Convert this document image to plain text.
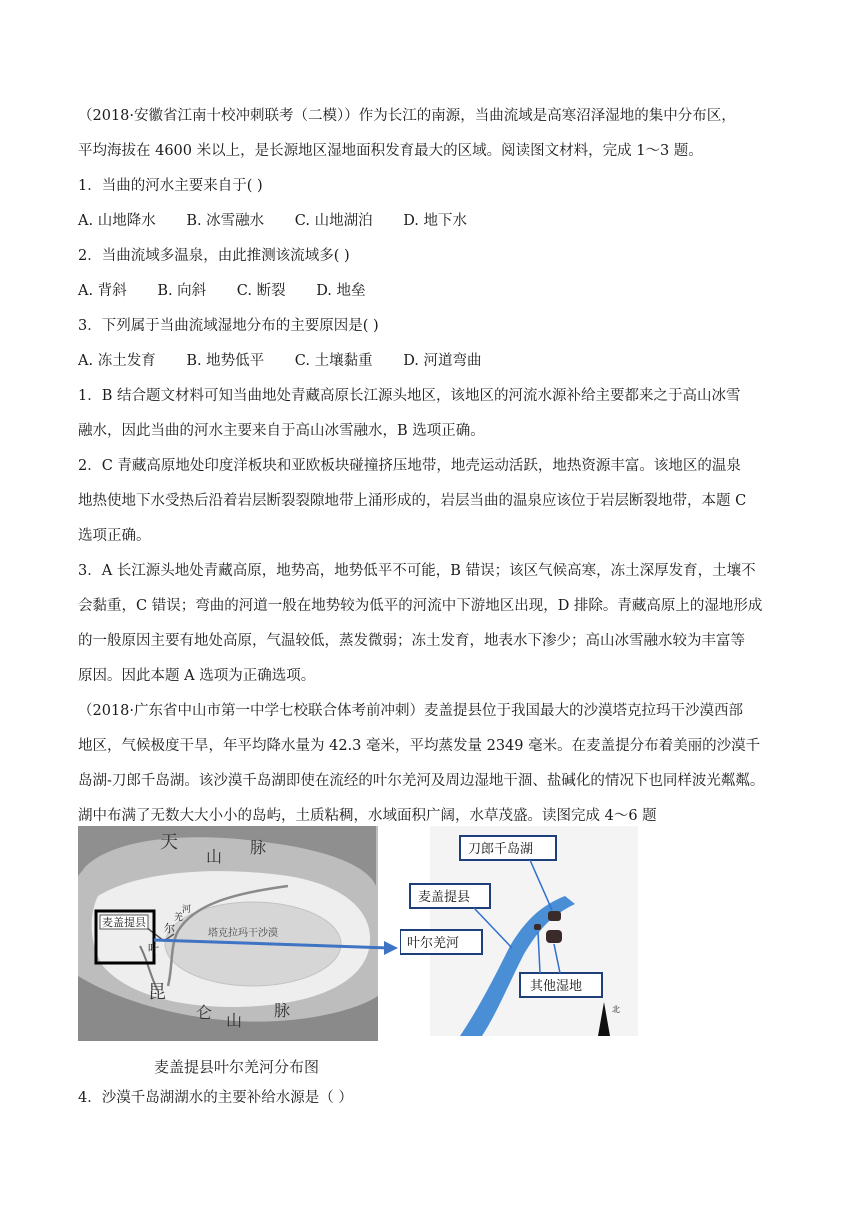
（2018·安徽省江南十校冲刺联考（二模））作为长江的南源，当曲流域是高寒沼泽湿地的集中分布区，
平均海拔在 4600 米以上，是长源地区湿地面积发育最大的区域。阅读图文材料，完成 1～3 题。
1．当曲的河水主要来自于( )
A. 山地降水 B. 冰雪融水 C. 山地湖泊 D. 地下水
2．当曲流域多温泉，由此推测该流域多( )
A. 背斜 B. 向斜 C. 断裂 D. 地垒
3．下列属于当曲流域湿地分布的主要原因是( )
A. 冻土发育 B. 地势低平 C. 土壤黏重 D. 河道弯曲
1．B 结合题文材料可知当曲地处青藏高原长江源头地区，该地区的河流水源补给主要都来之于高山冰雪
融水，因此当曲的河水主要来自于高山冰雪融水，B 选项正确。
2．C 青藏高原地处印度洋板块和亚欧板块碰撞挤压地带，地壳运动活跃，地热资源丰富。该地区的温泉
地热使地下水受热后沿着岩层断裂裂隙地带上涌形成的，岩层当曲的温泉应该位于岩层断裂地带，本题 C
选项正确。
3．A 长江源头地处青藏高原，地势高，地势低平不可能，B 错误；该区气候高寒，冻土深厚发育，土壤不
会黏重，C 错误；弯曲的河道一般在地势较为低平的河流中下游地区出现，D 排除。青藏高原上的湿地形成
的一般原因主要有地处高原，气温较低，蒸发微弱；冻土发育，地表水下渗少；高山冰雪融水较为丰富等
原因。因此本题 A 选项为正确选项。
（2018·广东省中山市第一中学七校联合体考前冲刺）麦盖提县位于我国最大的沙漠塔克拉玛干沙漠西部
地区，气候极度干旱，年平均降水量为 42.3 毫米，平均蒸发量 2349 毫米。在麦盖提分布着美丽的沙漠千
岛湖-刀郎千岛湖。该沙漠千岛湖即使在流经的叶尔羌河及周边湿地干涸、盐碱化的情况下也同样波光粼粼。
湖中布满了无数大大小小的岛屿，土质粘稠，水域面积广阔，水草茂盛。读图完成 4～6 题
麦盖提县
天
山 脉
塔克拉玛干沙漠
尔
叶
羌
河
昆
仑 山
脉
刀郎千岛湖
麦盖提县
叶尔羌河
其他湿地
北
麦盖提县叶尔羌河分布图
4．沙漠千岛湖湖水的主要补给水源是（ ）
